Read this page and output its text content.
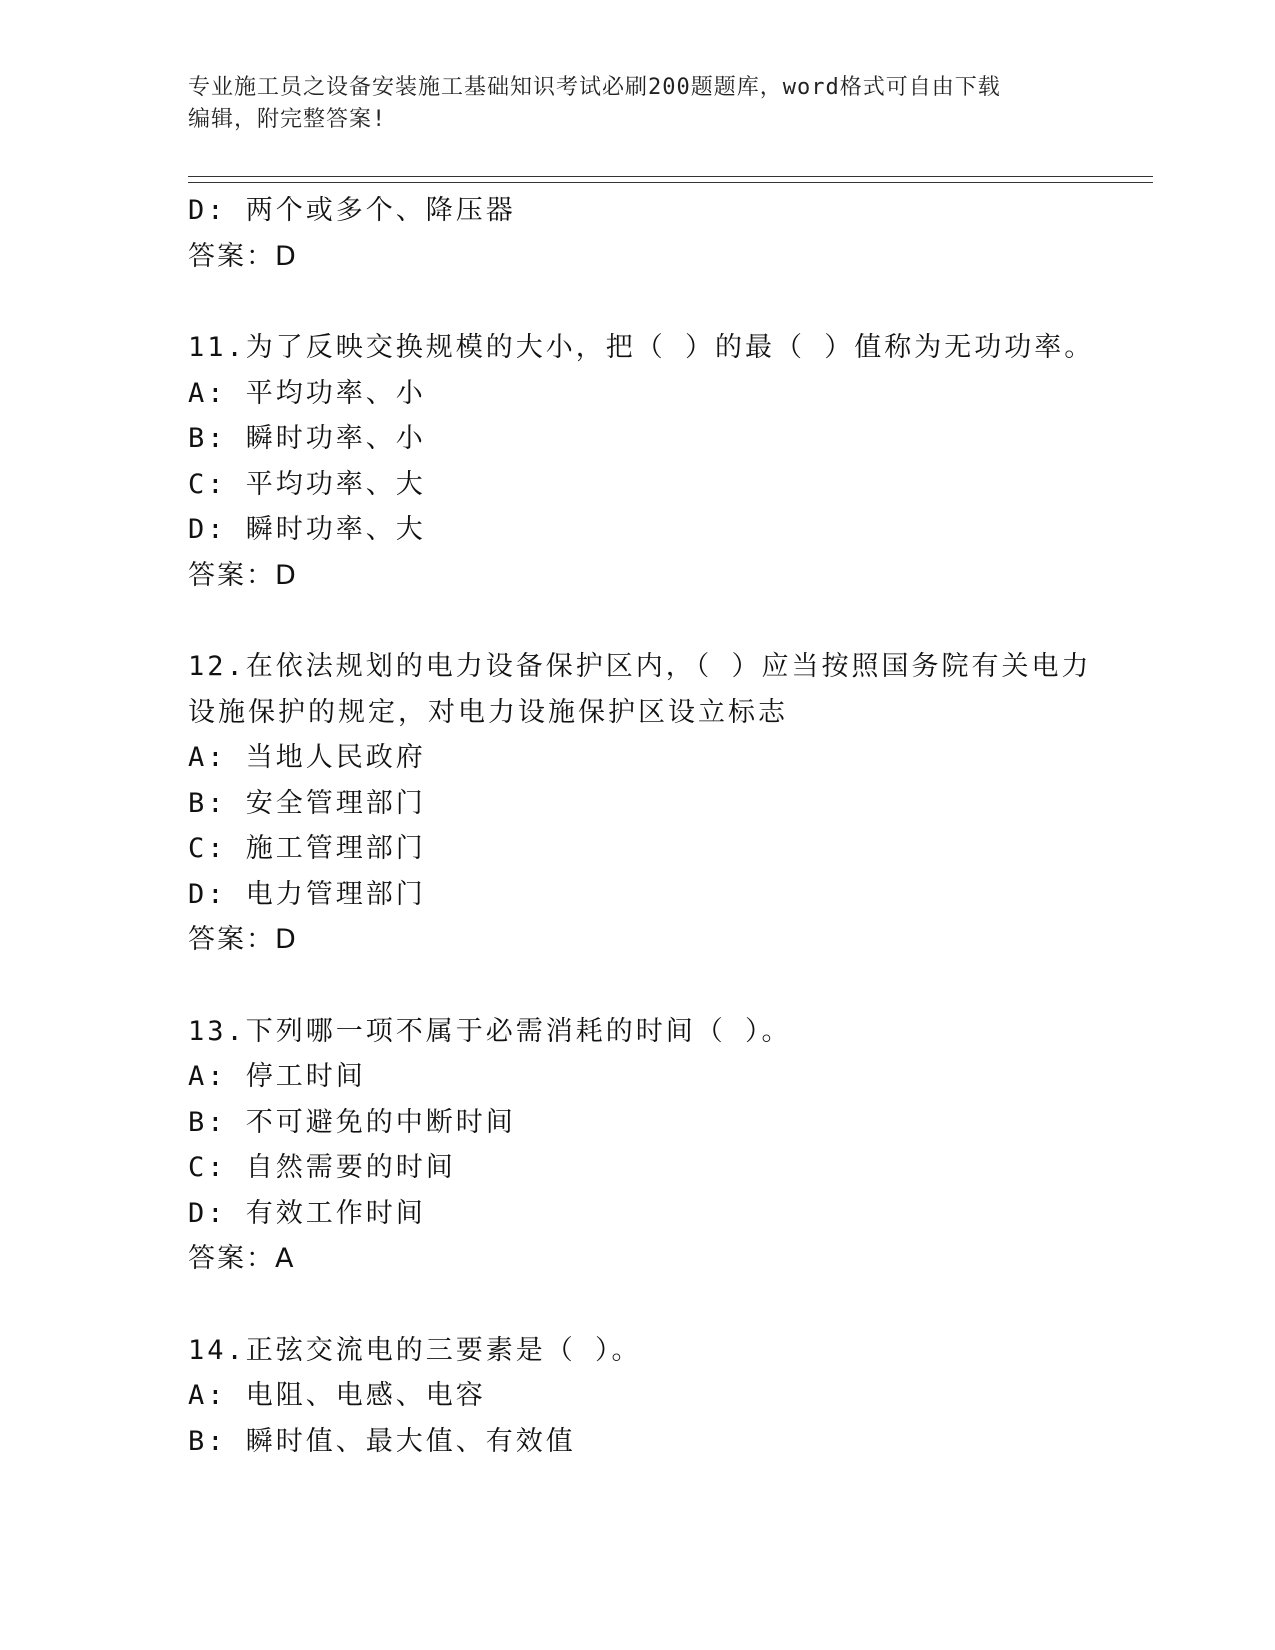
专业施工员之设备安装施工基础知识考试必刷200题题库，word格式可自由下载
编辑，附完整答案!
D: 两个或多个、降压器
答案：D
11.为了反映交换规模的大小，把（ ）的最（ ）值称为无功功率。
A: 平均功率、小
B: 瞬时功率、小
C: 平均功率、大
D: 瞬时功率、大
答案：D
12.在依法规划的电力设备保护区内，（ ）应当按照国务院有关电力
设施保护的规定，对电力设施保护区设立标志
A: 当地人民政府
B: 安全管理部门
C: 施工管理部门
D: 电力管理部门
答案：D
13.下列哪一项不属于必需消耗的时间（ ）。
A: 停工时间
B: 不可避免的中断时间
C: 自然需要的时间
D: 有效工作时间
答案：A
14.正弦交流电的三要素是（ ）。
A: 电阻、电感、电容
B: 瞬时值、最大值、有效值
